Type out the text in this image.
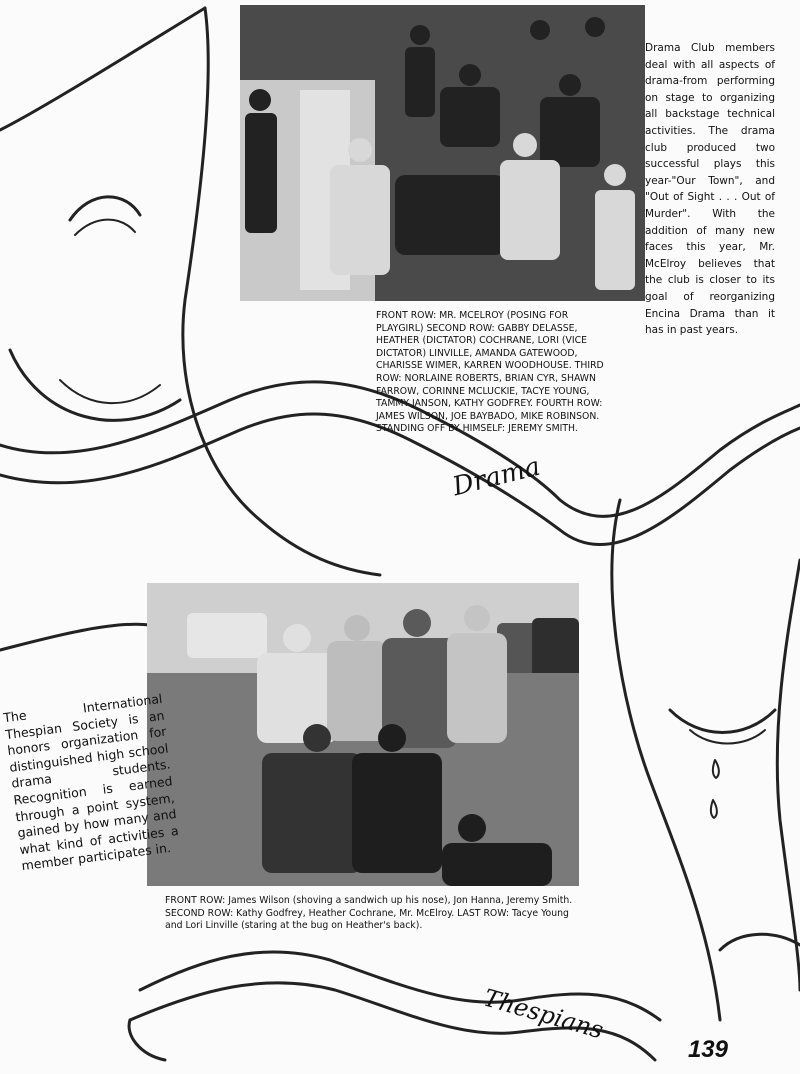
Drama Club members deal with all aspects of drama-from performing on stage to organizing all backstage technical activities. The drama club produced two successful plays this year-"Our Town", and "Out of Sight . . . Out of Murder". With the addition of many new faces this year, Mr. McElroy believes that the club is closer to its goal of reorganizing Encina Drama than it has in past years.
FRONT ROW: MR. MCELROY (POSING FOR PLAYGIRL) SECOND ROW: GABBY DELASSE, HEATHER (DICTATOR) COCHRANE, LORI (VICE DICTATOR) LINVILLE, AMANDA GATEWOOD, CHARISSE WIMER, KARREN WOODHOUSE. THIRD ROW: NORLAINE ROBERTS, BRIAN CYR, SHAWN FARROW, CORINNE MCLUCKIE, TACYE YOUNG, TAMMY JANSON, KATHY GODFREY. FOURTH ROW: JAMES WILSON, JOE BAYBADO, MIKE ROBINSON. STANDING OFF BY HIMSELF: JEREMY SMITH.
Drama
The International Thespian Society is an honors organization for distinguished high school drama students. Recognition is earned through a point system, gained by how many and what kind of activities a member participates in.
FRONT ROW: James Wilson (shoving a sandwich up his nose), Jon Hanna, Jeremy Smith. SECOND ROW: Kathy Godfrey, Heather Cochrane, Mr. McElroy. LAST ROW: Tacye Young and Lori Linville (staring at the bug on Heather's back).
Thespians
139
